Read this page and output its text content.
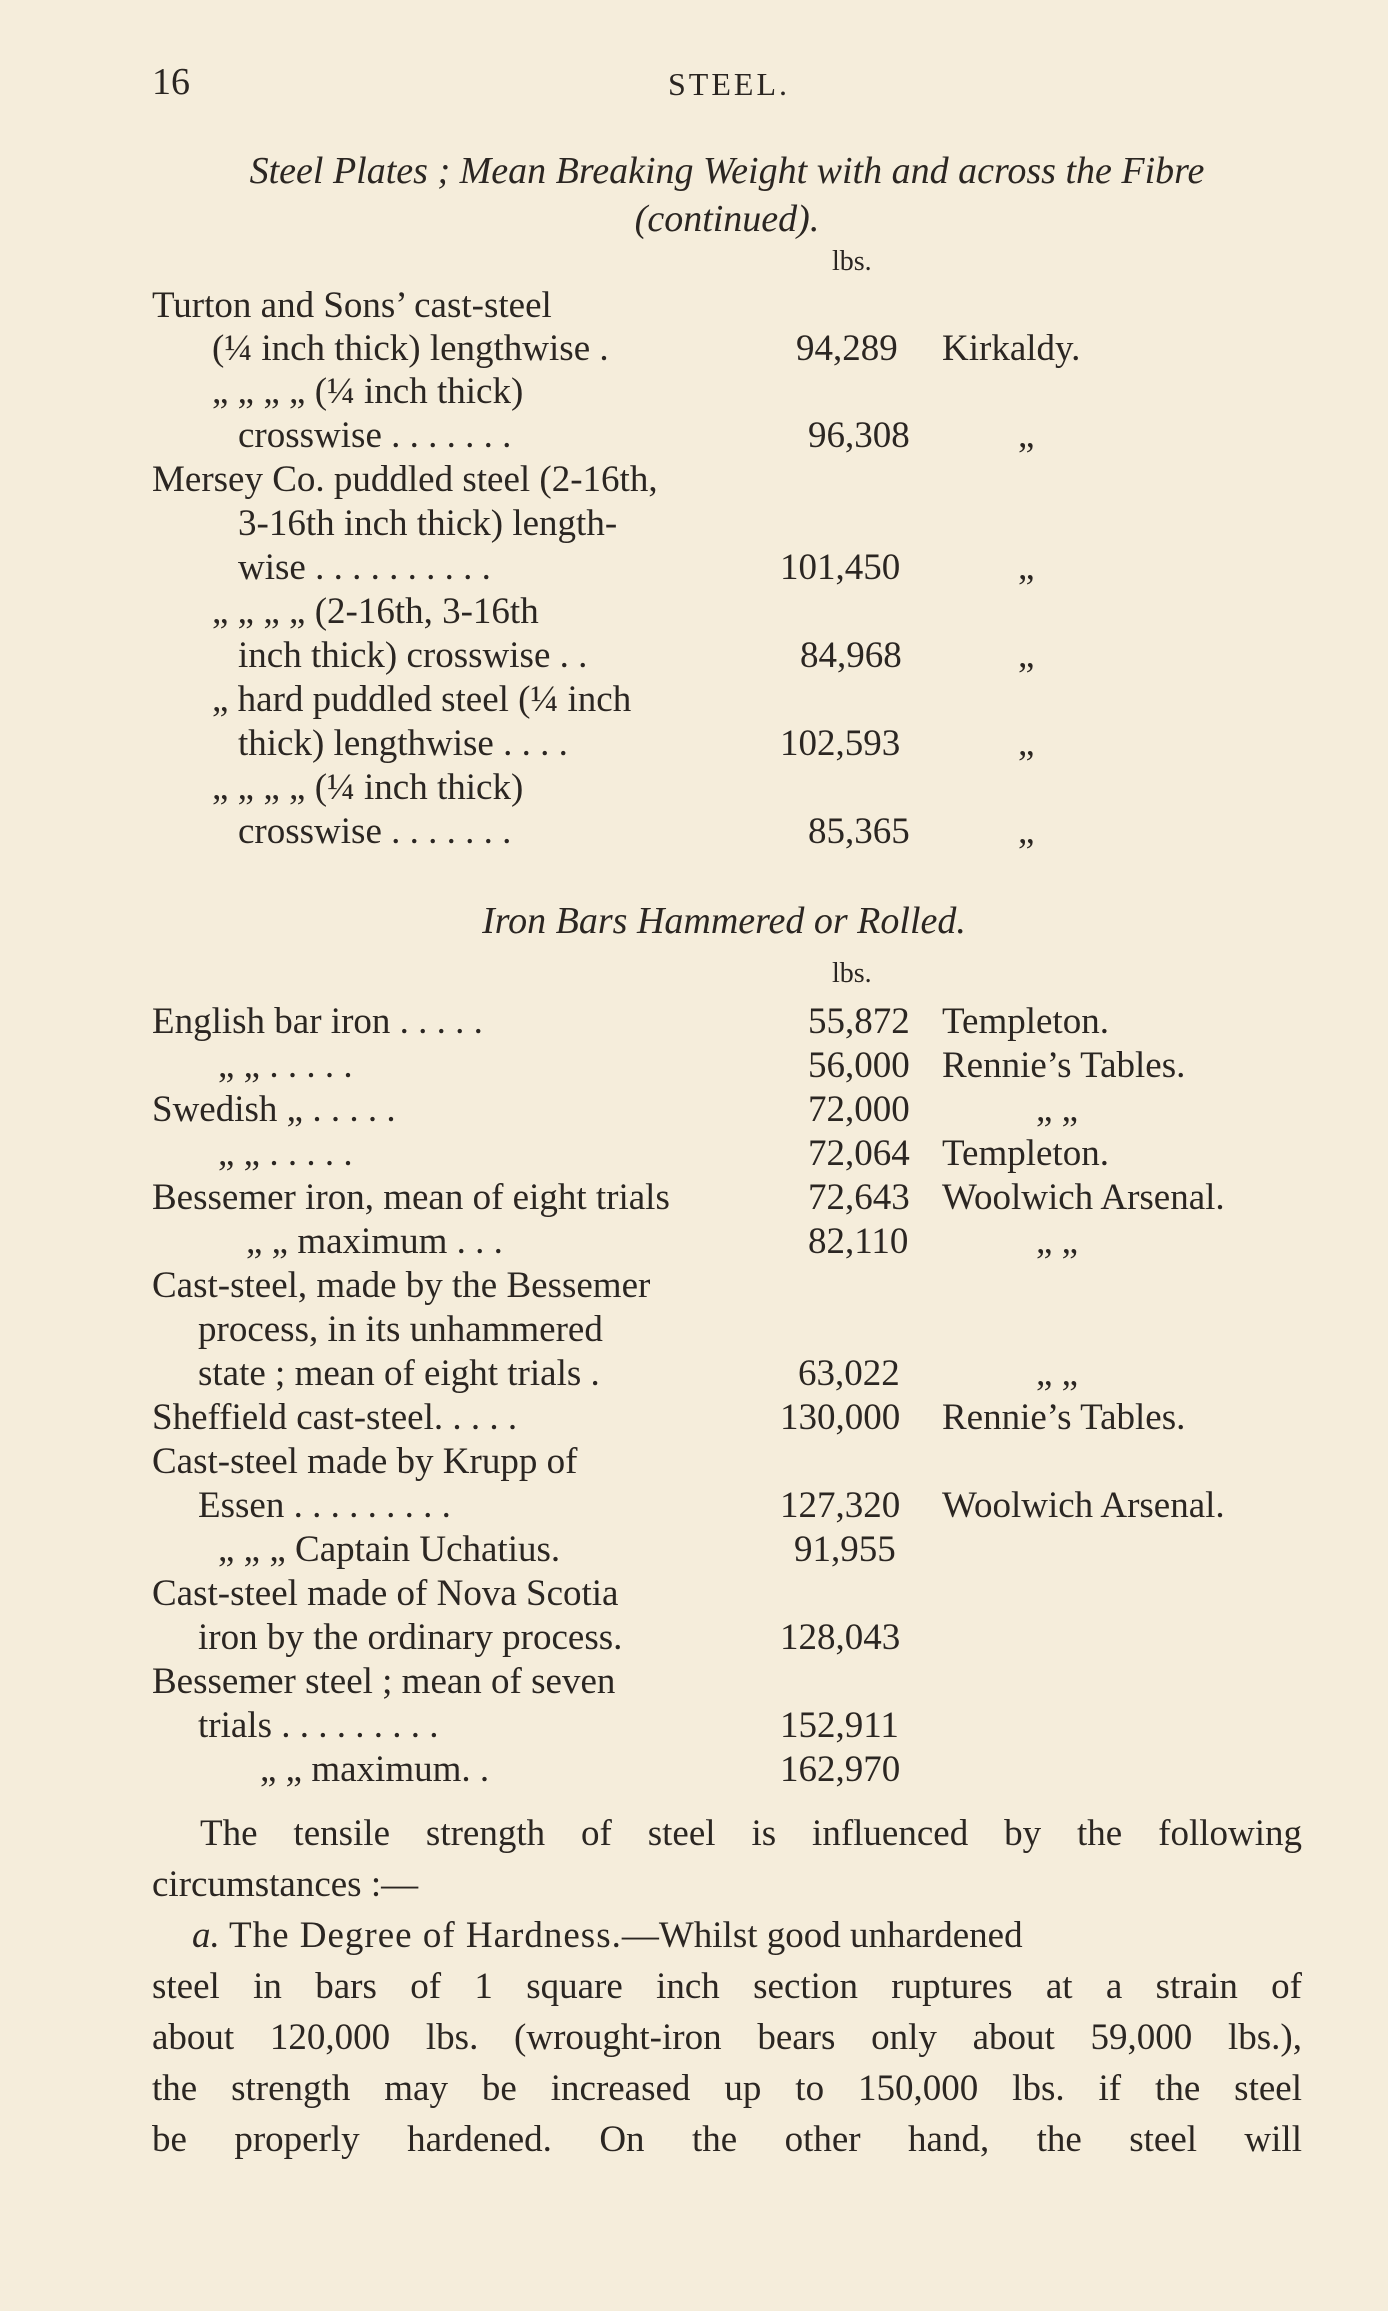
16	STEEL.
Steel Plates ; Mean Breaking Weight with and across the Fibre
(continued).
lbs.
Turton and Sons’ cast-steel
(¼ inch thick) lengthwise .	94,289 Kirkaldy.
„ „ „ „ (¼ inch thick)
crosswise . . . . . . .	96,308	„
Mersey Co. puddled steel (2-16th,
3-16th inch thick) length-
wise . . . . . . . . . .	101,450	„
„ „ „ „ (2-16th, 3-16th
inch thick) crosswise . .	84,968	„
„ hard puddled steel (¼ inch
thick) lengthwise . . . .	102,593	„
„ „ „ „ (¼ inch thick)
crosswise . . . . . . .	85,365	„
Iron Bars Hammered or Rolled.
lbs.
English bar iron . . . . .	55,872 Templeton.
„ „ . . . . .	56,000 Rennie’s Tables.
Swedish „ . . . . .	72,000	„ „
„ „ . . . . .	72,064 Templeton.
Bessemer iron, mean of eight trials	72,643 Woolwich Arsenal.
„ „ maximum . . .	82,110	„ „
Cast-steel, made by the Bessemer
process, in its unhammered
state ; mean of eight trials .	63,022	„ „
Sheffield cast-steel. . . . .	130,000 Rennie’s Tables.
Cast-steel made by Krupp of
Essen . . . . . . . . .	127,320 Woolwich Arsenal.
„ „ „ Captain Uchatius.	91,955
Cast-steel made of Nova Scotia
iron by the ordinary process.	128,043
Bessemer steel ; mean of seven
trials . . . . . . . . .	152,911
„ „ maximum. .	162,970
The tensile strength of steel is influenced by the following
circumstances :—
a. The Degree of Hardness.—Whilst good unhardened
steel in bars of 1 square inch section ruptures at a strain of
about 120,000 lbs. (wrought-iron bears only about 59,000 lbs.),
the strength may be increased up to 150,000 lbs. if the steel
be properly hardened. On the other hand, the steel will
